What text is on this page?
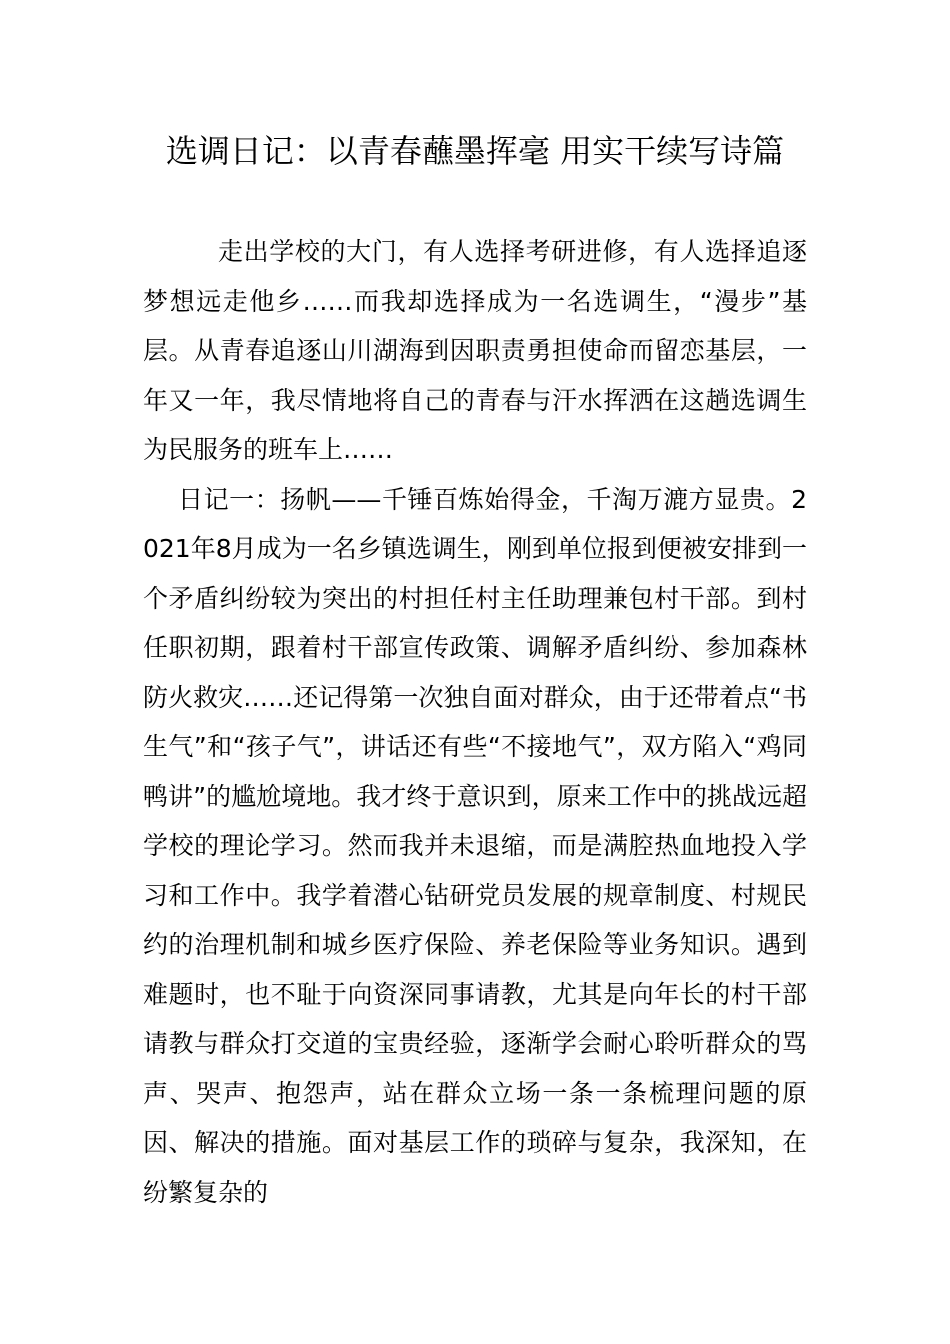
选调日记：以青春蘸墨挥毫 用实干续写诗篇

走出学校的大门，有人选择考研进修，有人选择追逐梦想远走他乡……而我却选择成为一名选调生，“漫步”基层。从青春追逐山川湖海到因职责勇担使命而留恋基层，一年又一年，我尽情地将自己的青春与汗水挥洒在这趟选调生为民服务的班车上……

日记一：扬帆——千锤百炼始得金，千淘万漉方显贵。2021年8月成为一名乡镇选调生，刚到单位报到便被安排到一个矛盾纠纷较为突出的村担任村主任助理兼包村干部。到村任职初期，跟着村干部宣传政策、调解矛盾纠纷、参加森林防火救灾……还记得第一次独自面对群众，由于还带着点“书生气”和“孩子气”，讲话还有些“不接地气”，双方陷入“鸡同鸭讲”的尴尬境地。我才终于意识到，原来工作中的挑战远超学校的理论学习。然而我并未退缩，而是满腔热血地投入学习和工作中。我学着潜心钻研党员发展的规章制度、村规民约的治理机制和城乡医疗保险、养老保险等业务知识。遇到难题时，也不耻于向资深同事请教，尤其是向年长的村干部请教与群众打交道的宝贵经验，逐渐学会耐心聆听群众的骂声、哭声、抱怨声，站在群众立场一条一条梳理问题的原因、解决的措施。面对基层工作的琐碎与复杂，我深知，在纷繁复杂的
